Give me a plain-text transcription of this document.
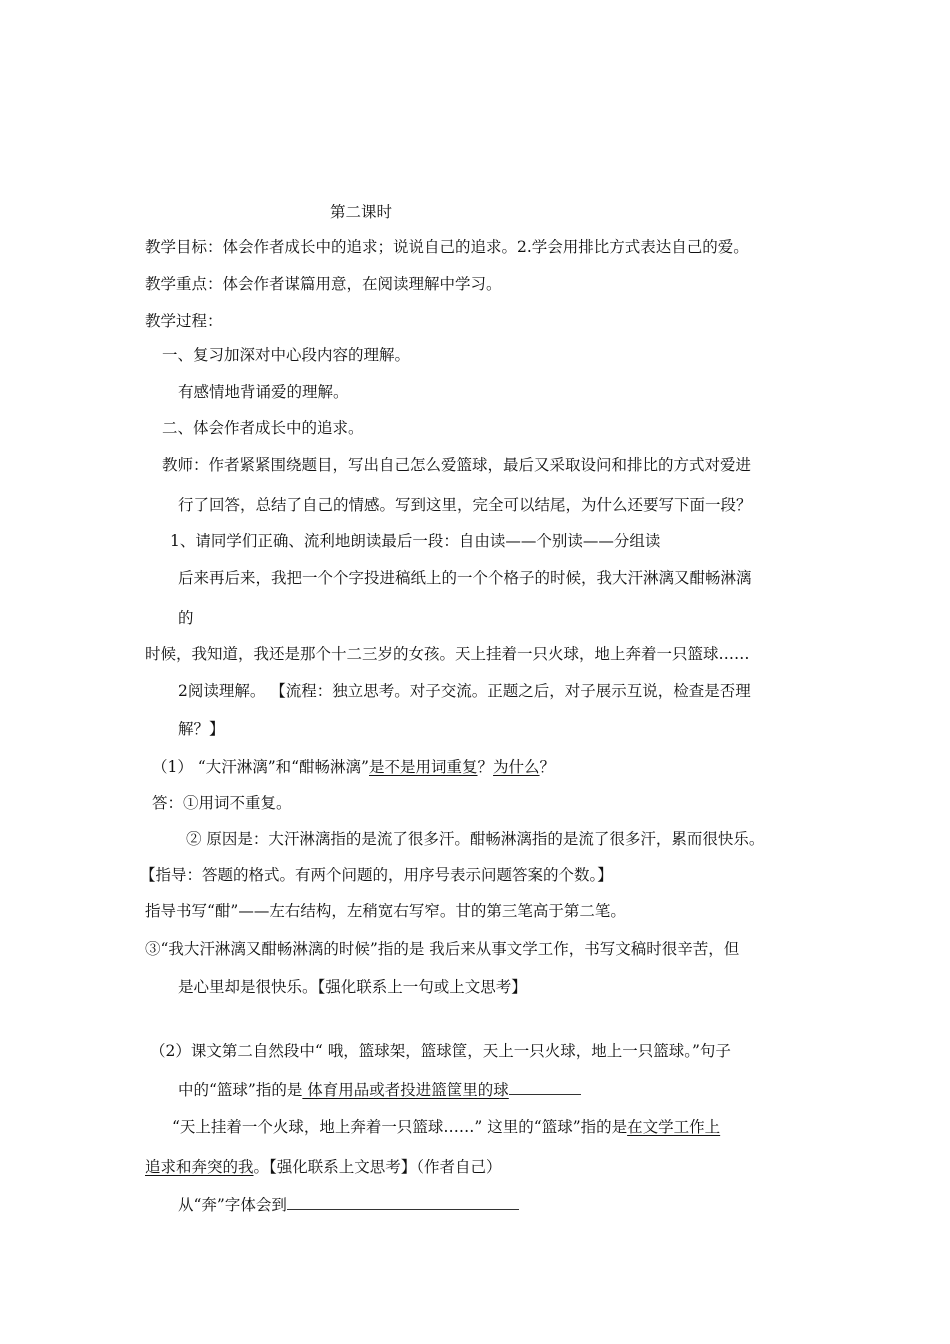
第二课时
教学目标：体会作者成长中的追求；说说自己的追求。2.学会用排比方式表达自己的爱。
教学重点：体会作者谋篇用意，在阅读理解中学习。
教学过程：
一、复习加深对中心段内容的理解。
有感情地背诵爱的理解。
二、体会作者成长中的追求。
教师：作者紧紧围绕题目，写出自己怎么爱篮球，最后又采取设问和排比的方式对爱进
行了回答，总结了自己的情感。写到这里，完全可以结尾，为什么还要写下面一段？
1、请同学们正确、流利地朗读最后一段：自由读——个别读——分组读
后来再后来，我把一个个字投进稿纸上的一个个格子的时候，我大汗淋漓又酣畅淋漓
的
时候，我知道，我还是那个十二三岁的女孩。天上挂着一只火球，地上奔着一只篮球……
2阅读理解。 【流程：独立思考。对子交流。正题之后，对子展示互说，检查是否理
解？】
（1） “大汗淋漓”和“酣畅淋漓”是不是用词重复？为什么？
答：①用词不重复。
② 原因是：大汗淋漓指的是流了很多汗。酣畅淋漓指的是流了很多汗，累而很快乐。
【指导：答题的格式。有两个问题的，用序号表示问题答案的个数。】
指导书写“酣”——左右结构，左稍宽右写窄。甘的第三笔高于第二笔。
③“我大汗淋漓又酣畅淋漓的时候”指的是 我后来从事文学工作，书写文稿时很辛苦，但
是心里却是很快乐。【强化联系上一句或上文思考】
（2）课文第二自然段中“ 哦，篮球架，篮球筐，天上一只火球，地上一只篮球。”句子
中的“篮球”指的是 体育用品或者投进篮筐里的球
“天上挂着一个火球，地上奔着一只篮球……” 这里的“篮球”指的是在文学工作上
追求和奔突的我。【强化联系上文思考】（作者自己）
从“奔”字体会到
